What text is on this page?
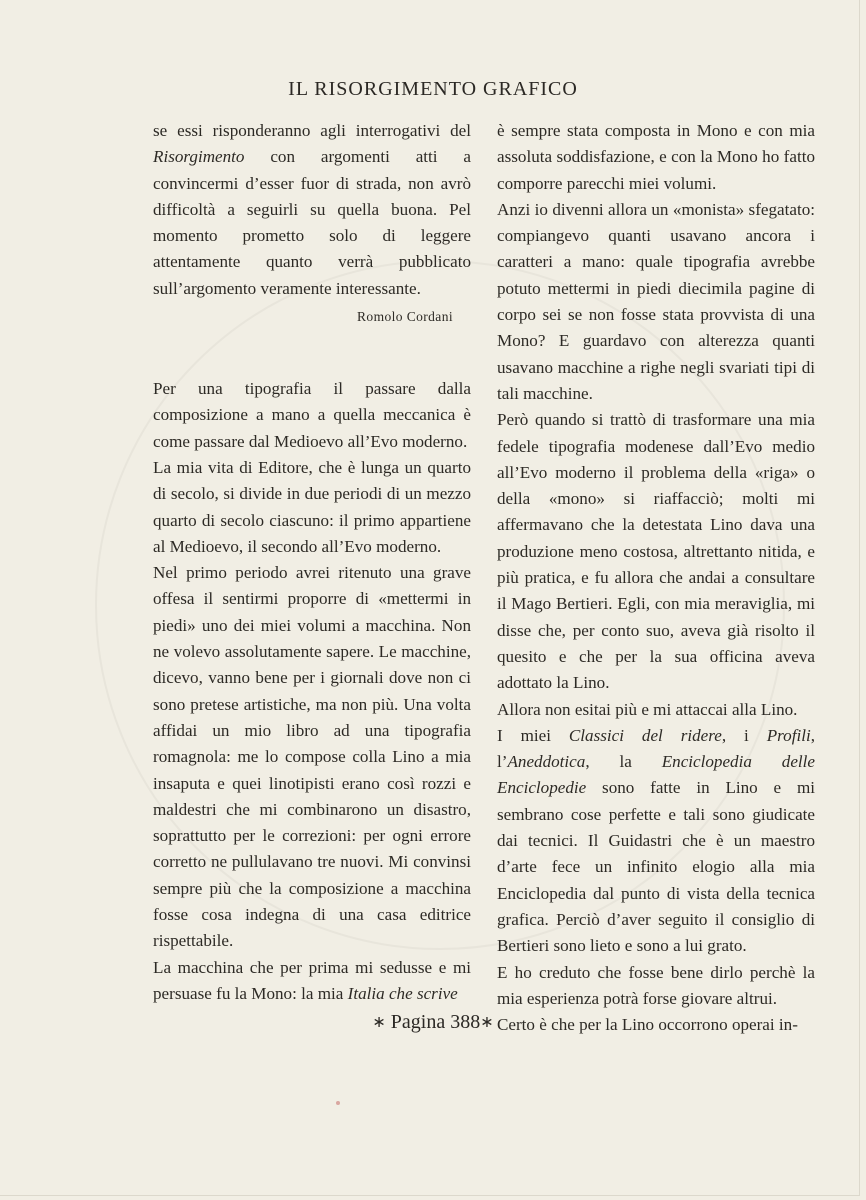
IL RISORGIMENTO GRAFICO

se essi risponderanno agli interrogativi del Risorgimento con argomenti atti a convincermi d’esser fuor di strada, non avrò difficoltà a seguirli su quella buona. Pel momento prometto solo di leggere attentamente quanto verrà pubblicato sull’argomento veramente interessante.

Romolo Cordani

Per una tipografia il passare dalla composizione a mano a quella meccanica è come passare dal Medioevo all’Evo moderno.

La mia vita di Editore, che è lunga un quarto di secolo, si divide in due periodi di un mezzo quarto di secolo ciascuno: il primo appartiene al Medioevo, il secondo all’Evo moderno.

Nel primo periodo avrei ritenuto una grave offesa il sentirmi proporre di «mettermi in piedi» uno dei miei volumi a macchina. Non ne volevo assolutamente sapere. Le macchine, dicevo, vanno bene per i giornali dove non ci sono pretese artistiche, ma non più. Una volta affidai un mio libro ad una tipografia romagnola: me lo compose colla Lino a mia insaputa e quei linotipisti erano così rozzi e maldestri che mi combinarono un disastro, soprattutto per le correzioni: per ogni errore corretto ne pullulavano tre nuovi. Mi convinsi sempre più che la composizione a macchina fosse cosa indegna di una casa editrice rispettabile.

La macchina che per prima mi sedusse e mi persuase fu la Mono: la mia Italia che scrive

è sempre stata composta in Mono e con mia assoluta soddisfazione, e con la Mono ho fatto comporre parecchi miei volumi.

Anzi io divenni allora un «monista» sfegatato: compiangevo quanti usavano ancora i caratteri a mano: quale tipografia avrebbe potuto mettermi in piedi diecimila pagine di corpo sei se non fosse stata provvista di una Mono? E guardavo con alterezza quanti usavano macchine a righe negli svariati tipi di tali macchine.

Però quando si trattò di trasformare una mia fedele tipografia modenese dall’Evo medio all’Evo moderno il problema della «riga» o della «mono» si riaffacciò; molti mi affermavano che la detestata Lino dava una produzione meno costosa, altrettanto nitida, e più pratica, e fu allora che andai a consultare il Mago Bertieri. Egli, con mia meraviglia, mi disse che, per conto suo, aveva già risolto il quesito e che per la sua officina aveva adottato la Lino.

Allora non esitai più e mi attaccai alla Lino.

I miei Classici del ridere, i Profili, l’Aneddotica, la Enciclopedia delle Enciclopedie sono fatte in Lino e mi sembrano cose perfette e tali sono giudicate dai tecnici. Il Guidastri che è un maestro d’arte fece un infinito elogio alla mia Enciclopedia dal punto di vista della tecnica grafica. Perciò d’aver seguito il consiglio di Bertieri sono lieto e sono a lui grato.

E ho creduto che fosse bene dirlo perchè la mia esperienza potrà forse giovare altrui.

Certo è che per la Lino occorrono operai in-

∗ Pagina 388∗
